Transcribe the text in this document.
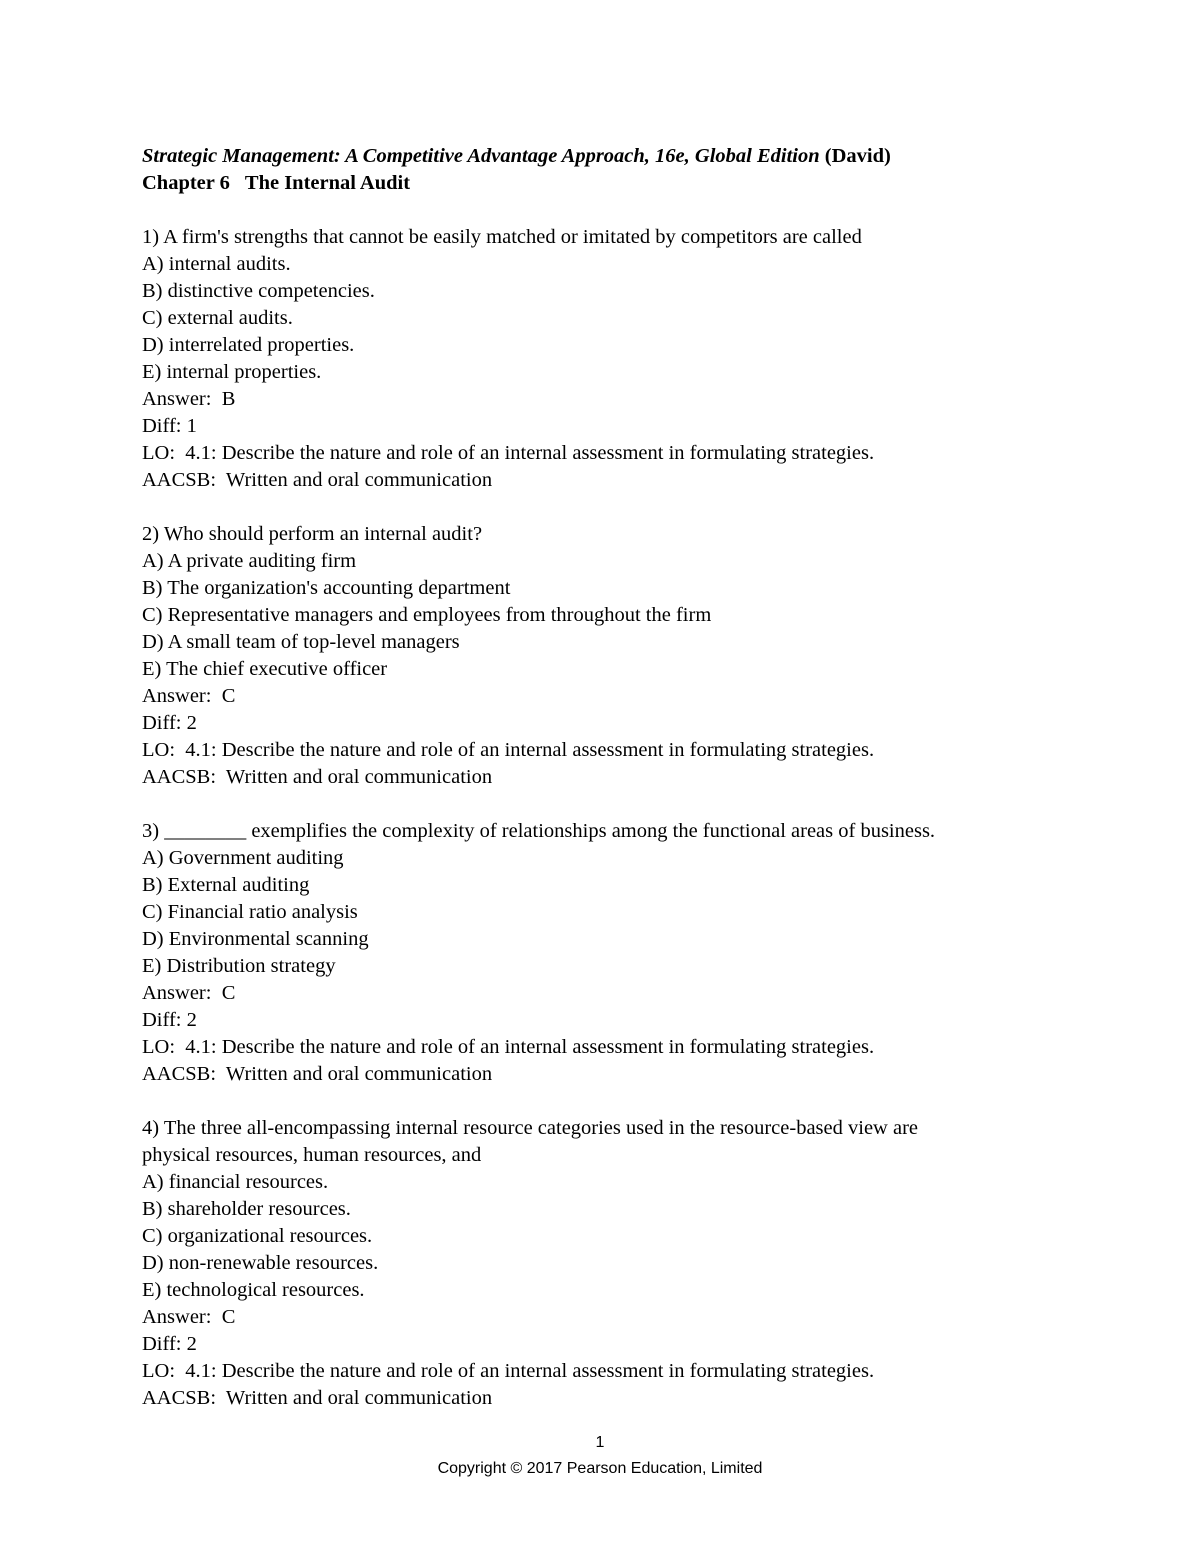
Strategic Management: A Competitive Advantage Approach, 16e, Global Edition (David)
Chapter 6   The Internal Audit
1) A firm's strengths that cannot be easily matched or imitated by competitors are called
A) internal audits.
B) distinctive competencies.
C) external audits.
D) interrelated properties.
E) internal properties.
Answer:  B
Diff: 1
LO:  4.1: Describe the nature and role of an internal assessment in formulating strategies.
AACSB:  Written and oral communication
2) Who should perform an internal audit?
A) A private auditing firm
B) The organization's accounting department
C) Representative managers and employees from throughout the firm
D) A small team of top-level managers
E) The chief executive officer
Answer:  C
Diff: 2
LO:  4.1: Describe the nature and role of an internal assessment in formulating strategies.
AACSB:  Written and oral communication
3) ________ exemplifies the complexity of relationships among the functional areas of business.
A) Government auditing
B) External auditing
C) Financial ratio analysis
D) Environmental scanning
E) Distribution strategy
Answer:  C
Diff: 2
LO:  4.1: Describe the nature and role of an internal assessment in formulating strategies.
AACSB:  Written and oral communication
4) The three all-encompassing internal resource categories used in the resource-based view are
physical resources, human resources, and
A) financial resources.
B) shareholder resources.
C) organizational resources.
D) non-renewable resources.
E) technological resources.
Answer:  C
Diff: 2
LO:  4.1: Describe the nature and role of an internal assessment in formulating strategies.
AACSB:  Written and oral communication
1
Copyright © 2017 Pearson Education, Limited
